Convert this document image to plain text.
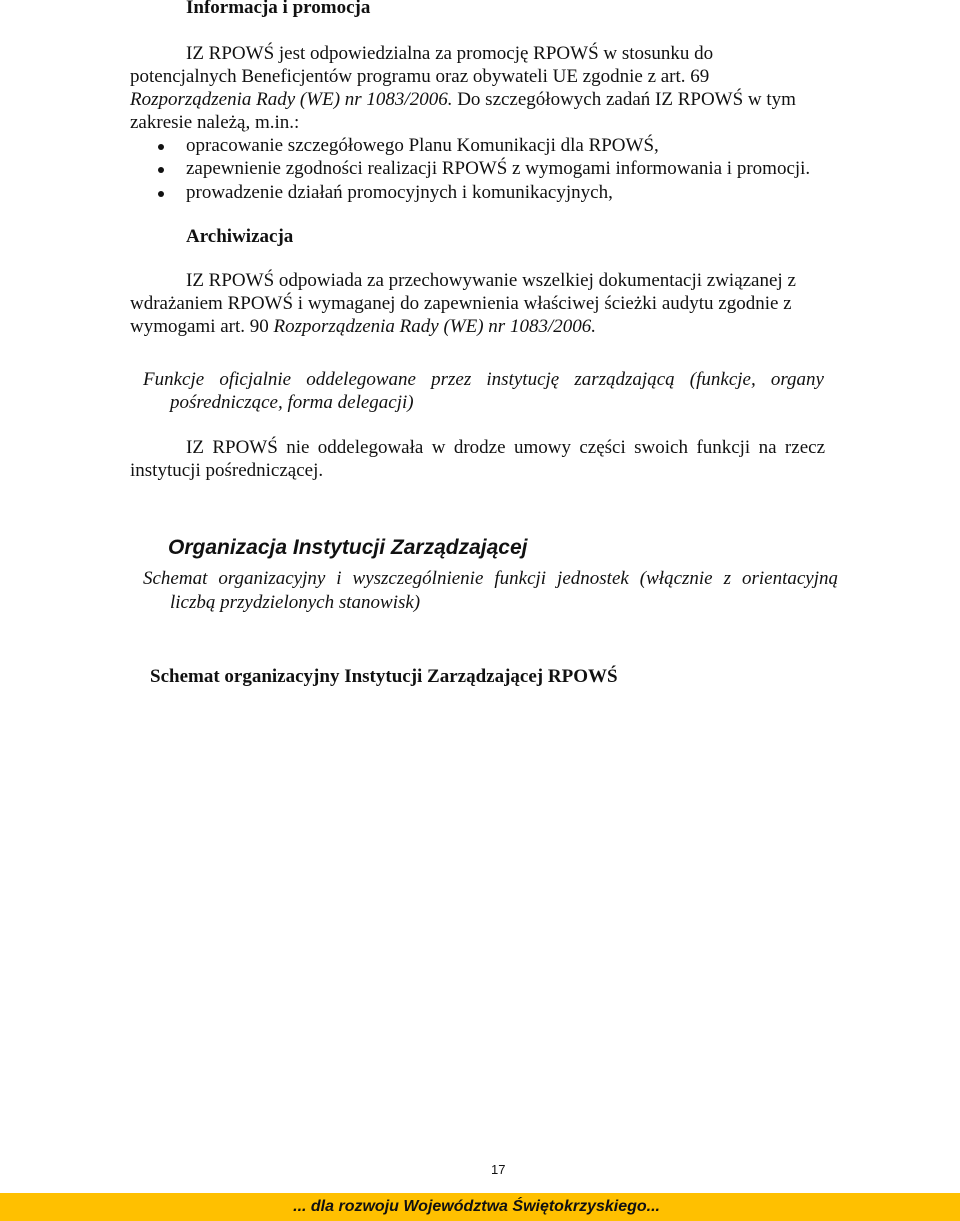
Informacja i promocja
IZ RPOWŚ jest odpowiedzialna za promocję RPOWŚ w stosunku do
potencjalnych Beneficjentów programu oraz obywateli UE zgodnie z art. 69
Rozporządzenia Rady (WE) nr 1083/2006. Do szczegółowych zadań IZ RPOWŚ w tym
zakresie należą, m.in.:
opracowanie szczegółowego Planu Komunikacji dla RPOWŚ,
zapewnienie zgodności realizacji RPOWŚ z wymogami informowania i promocji.
prowadzenie działań promocyjnych i komunikacyjnych,
Archiwizacja
IZ RPOWŚ odpowiada za przechowywanie wszelkiej dokumentacji związanej z
wdrażaniem RPOWŚ i wymaganej do zapewnienia właściwej ścieżki audytu zgodnie z
wymogami art. 90 Rozporządzenia Rady (WE) nr 1083/2006.
Funkcje oficjalnie oddelegowane przez instytucję zarządzającą (funkcje, organy
pośredniczące, forma delegacji)
IZ RPOWŚ nie oddelegowała w drodze umowy części swoich funkcji na rzecz
instytucji pośredniczącej.
Organizacja Instytucji Zarządzającej
Schemat organizacyjny i wyszczególnienie funkcji jednostek (włącznie z orientacyjną
liczbą przydzielonych stanowisk)
Schemat organizacyjny Instytucji Zarządzającej RPOWŚ
17
... dla rozwoju Województwa Świętokrzyskiego...
